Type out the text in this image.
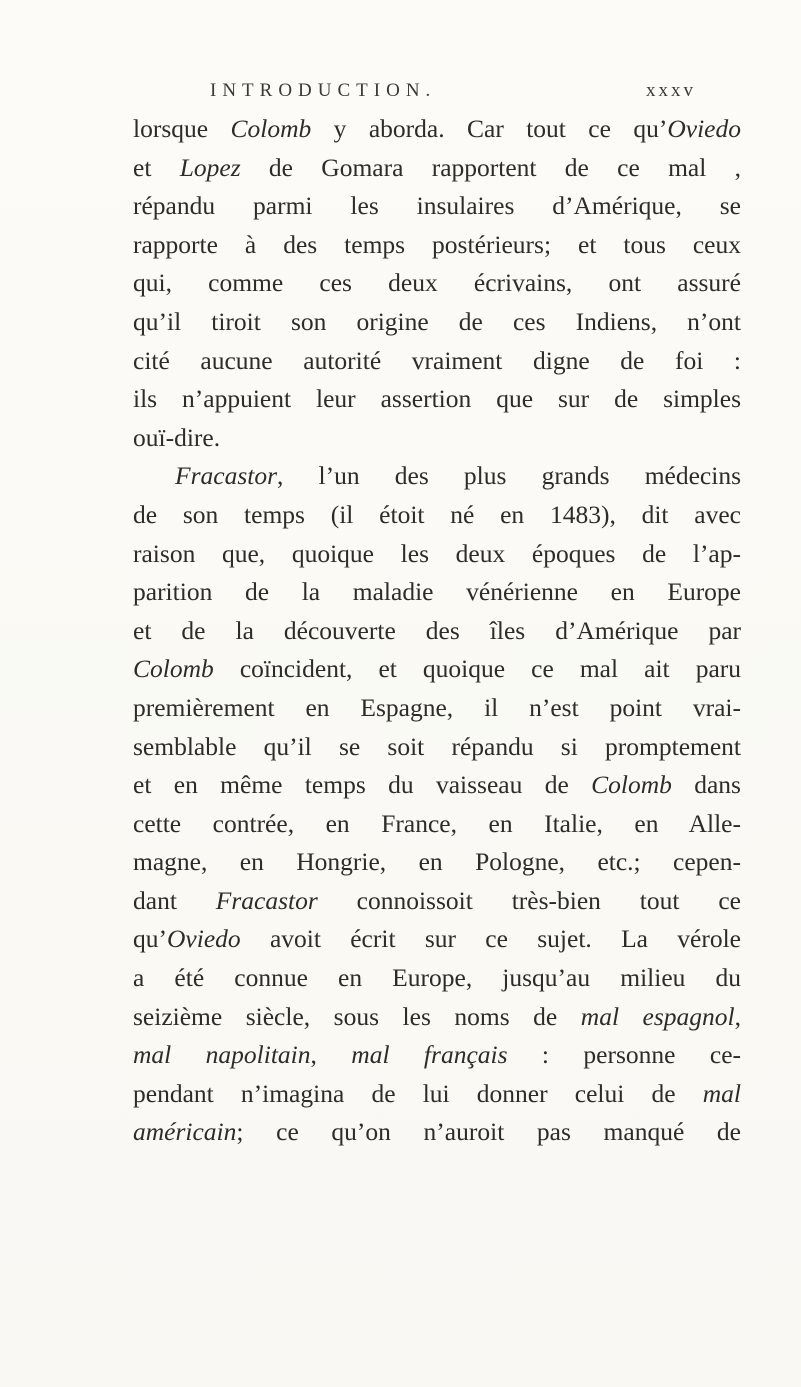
INTRODUCTION.	xxxv
lorsque Colomb y aborda. Car tout ce qu’Oviedo
et Lopez de Gomara rapportent de ce mal ,
répandu parmi les insulaires d’Amérique, se
rapporte à des temps postérieurs; et tous ceux
qui, comme ces deux écrivains, ont assuré
qu’il tiroit son origine de ces Indiens, n’ont
cité aucune autorité vraiment digne de foi :
ils n’appuient leur assertion que sur de simples
ouï-dire.
Fracastor, l’un des plus grands médecins
de son temps (il étoit né en 1483), dit avec
raison que, quoique les deux époques de l’ap-
parition de la maladie vénérienne en Europe
et de la découverte des îles d’Amérique par
Colomb coïncident, et quoique ce mal ait paru
premièrement en Espagne, il n’est point vrai-
semblable qu’il se soit répandu si promptement
et en même temps du vaisseau de Colomb dans
cette contrée, en France, en Italie, en Alle-
magne, en Hongrie, en Pologne, etc.; cepen-
dant Fracastor connoissoit très-bien tout ce
qu’Oviedo avoit écrit sur ce sujet. La vérole
a été connue en Europe, jusqu’au milieu du
seizième siècle, sous les noms de mal espagnol,
mal napolitain, mal français : personne ce-
pendant n’imagina de lui donner celui de mal
américain; ce qu’on n’auroit pas manqué de
